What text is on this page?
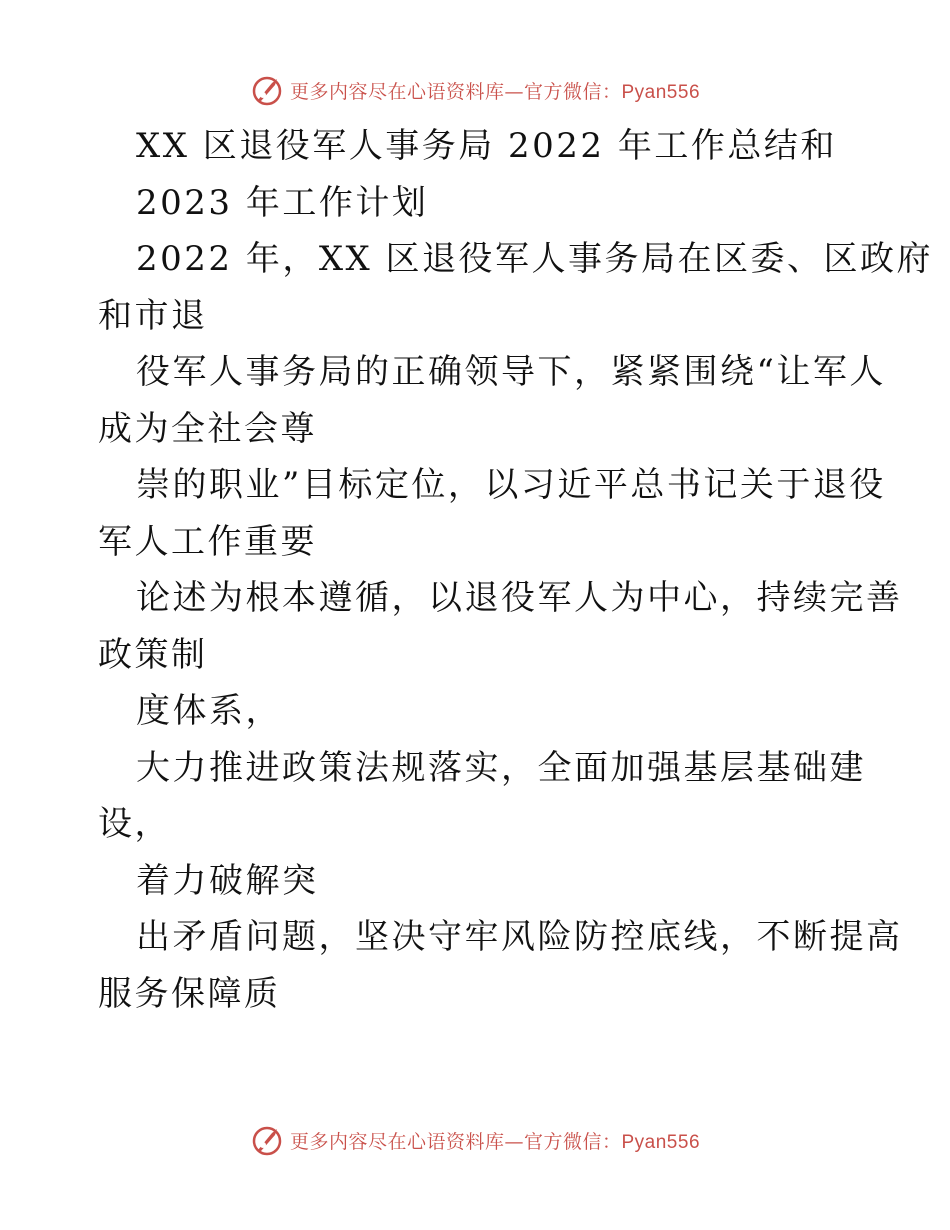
更多内容尽在心语资料库—官方微信：Pyan556
XX 区退役军人事务局 2022 年工作总结和
2023 年工作计划
2022 年，XX 区退役军人事务局在区委、区政府
和市退
役军人事务局的正确领导下，紧紧围绕“让军人
成为全社会尊
崇的职业”目标定位，以习近平总书记关于退役
军人工作重要
论述为根本遵循，以退役军人为中心，持续完善
政策制
度体系，
大力推进政策法规落实，全面加强基层基础建
设，
着力破解突
出矛盾问题，坚决守牢风险防控底线，不断提高
服务保障质
更多内容尽在心语资料库—官方微信：Pyan556
